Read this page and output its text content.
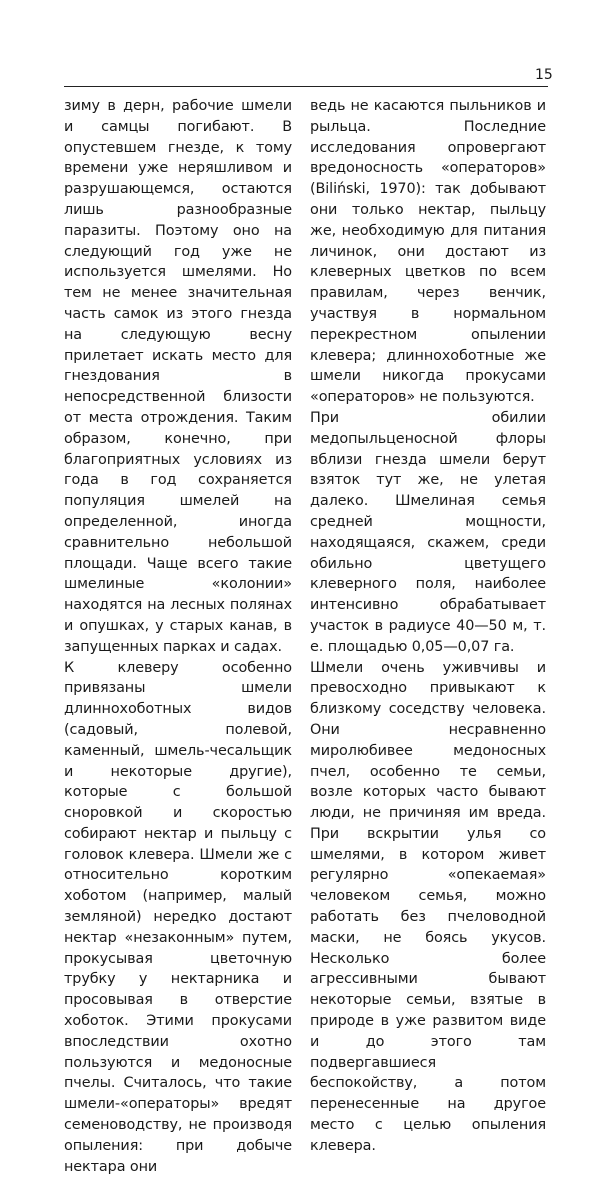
15

зиму в дерн, рабочие шмели и самцы погибают. В опустевшем гнезде, к тому времени уже неряшливом и разрушающемся, остаются лишь разнообразные паразиты. Поэтому оно на следующий год уже не используется шмелями. Но тем не менее значительная часть самок из этого гнезда на следующую весну прилетает искать место для гнездования в непосредственной близости от места отрождения. Таким образом, конечно, при благоприятных условиях из года в год сохраняется популяция шмелей на определенной, иногда сравнительно небольшой площади. Чаще всего такие шмелиные «колонии» находятся на лесных полянах и опушках, у старых канав, в запущенных парках и садах.

К клеверу особенно привязаны шмели длиннохоботных видов (садовый, полевой, каменный, шмель-чесальщик и некоторые другие), которые с большой сноровкой и скоростью собирают нектар и пыльцу с головок клевера. Шмели же с относительно коротким хоботом (например, малый земляной) нередко достают нектар «незаконным» путем, прокусывая цветочную трубку у нектарника и просовывая в отверстие хоботок. Этими прокусами впоследствии охотно пользуются и медоносные пчелы. Считалось, что такие шмели-«операторы» вредят семеноводству, не производя опыления: при добыче нектара они

ведь не касаются пыльников и рыльца. Последние исследования опровергают вредоносность «операторов» (Biliński, 1970): так добывают они только нектар, пыльцу же, необходимую для питания личинок, они достают из клеверных цветков по всем правилам, через венчик, участвуя в нормальном перекрестном опылении клевера; длиннохоботные же шмели никогда прокусами «операторов» не пользуются.

При обилии медопыльценосной флоры вблизи гнезда шмели берут взяток тут же, не улетая далеко. Шмелиная семья средней мощности, находящаяся, скажем, среди обильно цветущего клеверного поля, наиболее интенсивно обрабатывает участок в радиусе 40—50 м, т. е. площадью 0,05—0,07 га.

Шмели очень уживчивы и превосходно привыкают к близкому соседству человека. Они несравненно миролюбивее медоносных пчел, особенно те семьи, возле которых часто бывают люди, не причиняя им вреда. При вскрытии улья со шмелями, в котором живет регулярно «опекаемая» человеком семья, можно работать без пчеловодной маски, не боясь укусов. Несколько более агрессивными бывают некоторые семьи, взятые в природе в уже развитом виде и до этого там подвергавшиеся беспокойству, а потом перенесенные на другое место с целью опыления клевера.
